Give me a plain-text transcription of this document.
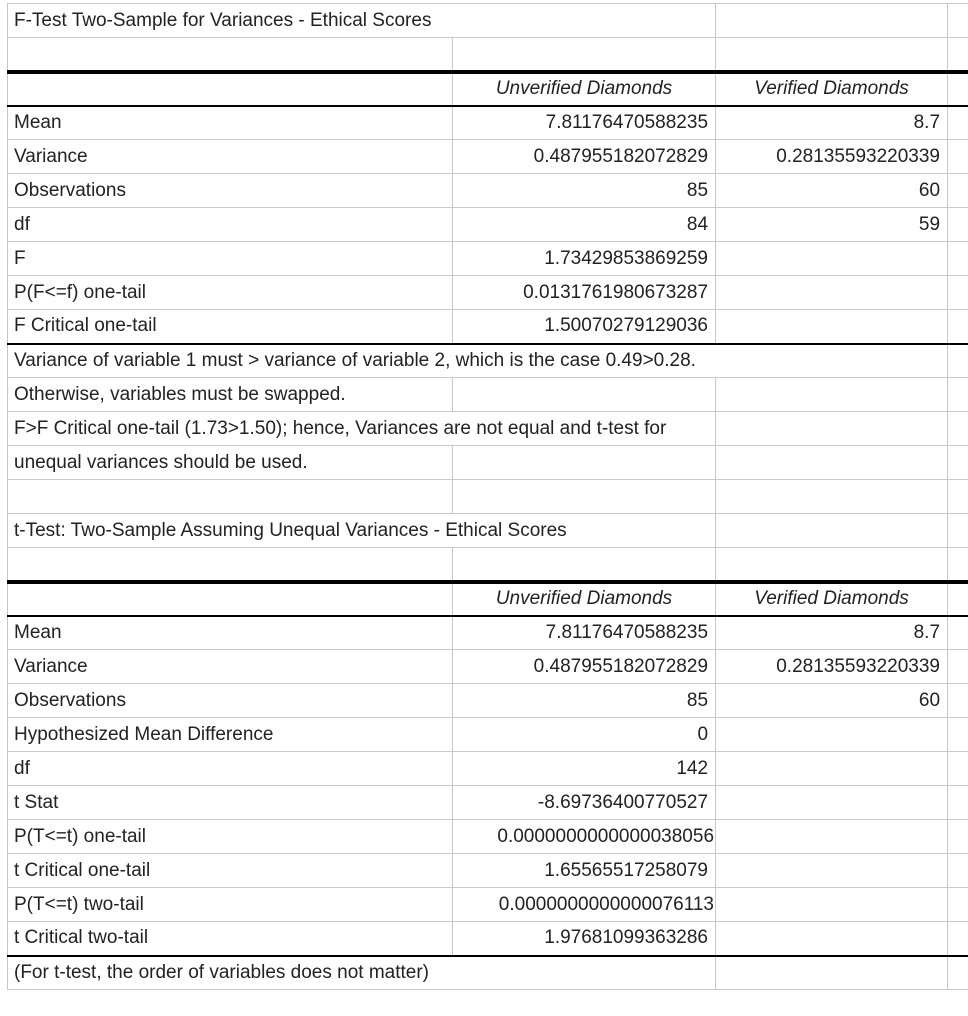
F-Test Two-Sample for Variances - Ethical Scores			

	Unverified Diamonds	Verified Diamonds	
Mean	7.81176470588235	8.7	
Variance	0.487955182072829	0.28135593220339	
Observations	85	60	
df	84	59	
F	1.73429853869259		
P(F<=f) one-tail	0.0131761980673287		
F Critical one-tail	1.50070279129036		
Variance of variable 1 must > variance of variable 2, which is the case 0.49>0.28.			
Otherwise, variables must be swapped.			
F>F Critical one-tail (1.73>1.50); hence, Variances are not equal and t-test for			
unequal variances should be used.			

t-Test: Two-Sample Assuming Unequal Variances - Ethical Scores			

	Unverified Diamonds	Verified Diamonds	
Mean	7.81176470588235	8.7	
Variance	0.487955182072829	0.28135593220339	
Observations	85	60	
Hypothesized Mean Difference	0		
df	142		
t Stat	-8.69736400770527		
P(T<=t) one-tail	0.0000000000000038056		
t Critical one-tail	1.65565517258079		
P(T<=t) two-tail	0.0000000000000076113		
t Critical two-tail	1.97681099363286		
(For t-test, the order of variables does not matter)			
